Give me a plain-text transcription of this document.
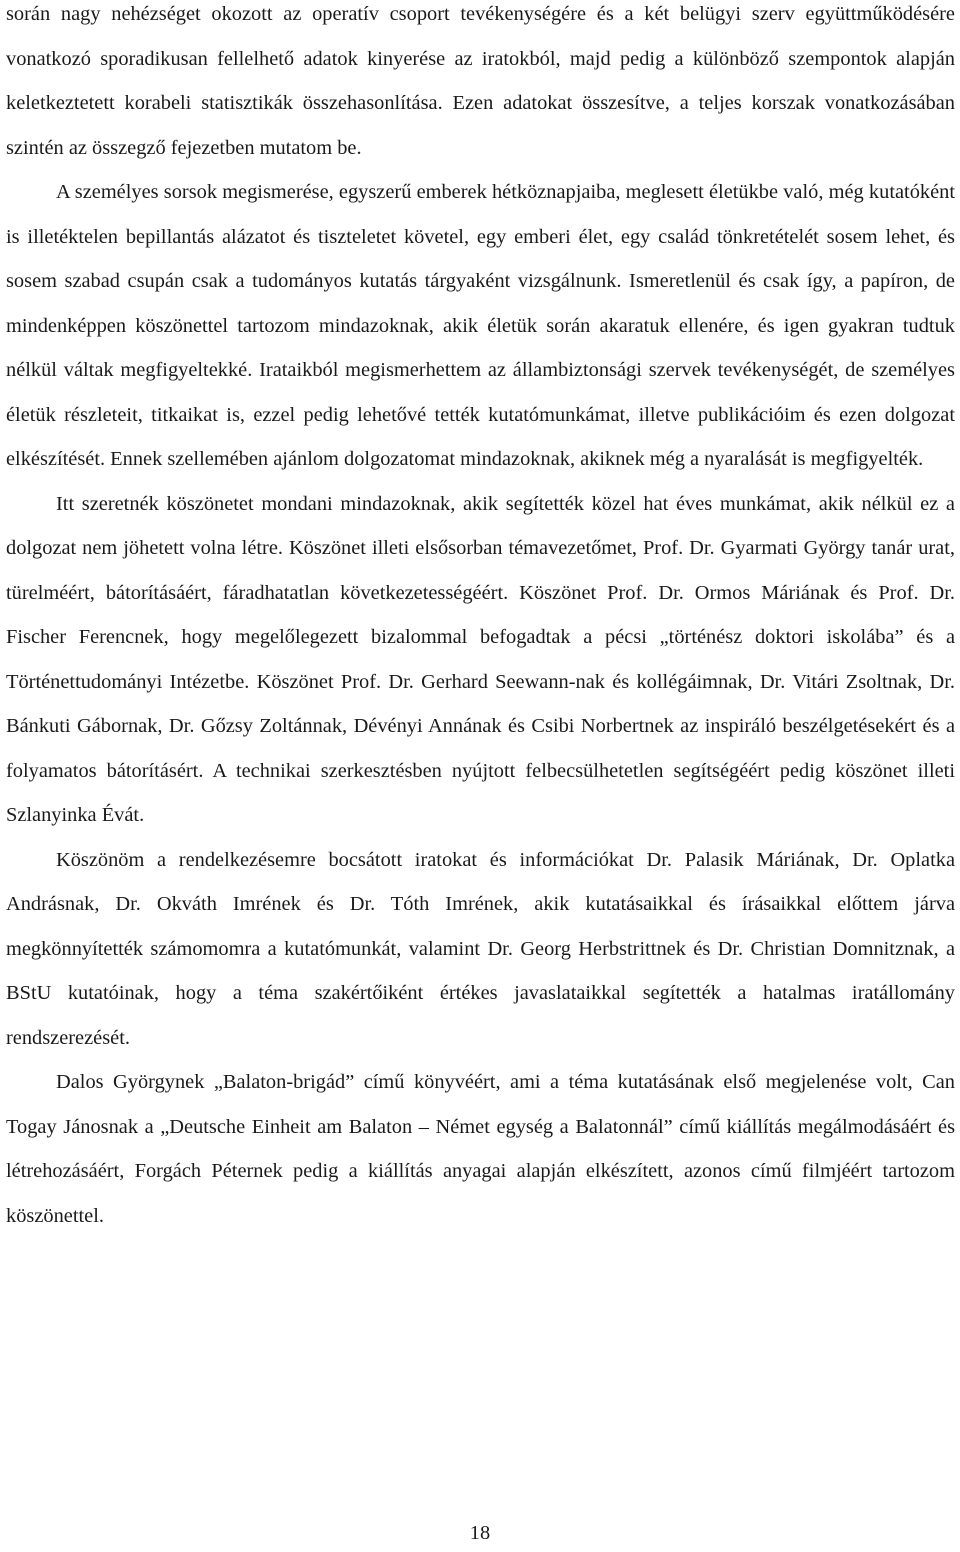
során nagy nehézséget okozott az operatív csoport tevékenységére és a két belügyi szerv együttműködésére vonatkozó sporadikusan fellelhető adatok kinyerése az iratokból, majd pedig a különböző szempontok alapján keletkeztetett korabeli statisztikák összehasonlítása. Ezen adatokat összesítve, a teljes korszak vonatkozásában szintén az összegző fejezetben mutatom be.

A személyes sorsok megismerése, egyszerű emberek hétköznapjaiba, meglesett életükbe való, még kutatóként is illetéktelen bepillantás alázatot és tiszteletet követel, egy emberi élet, egy család tönkretételét sosem lehet, és sosem szabad csupán csak a tudományos kutatás tárgyaként vizsgálnunk. Ismeretlenül és csak így, a papíron, de mindenképpen köszönettel tartozom mindazoknak, akik életük során akaratuk ellenére, és igen gyakran tudtuk nélkül váltak megfigyeltekké. Irataikból megismerhettem az állambiztonsági szervek tevékenységét, de személyes életük részleteit, titkaikat is, ezzel pedig lehetővé tették kutatómunkámat, illetve publikációim és ezen dolgozat elkészítését. Ennek szellemében ajánlom dolgozatomat mindazoknak, akiknek még a nyaralását is megfigyelték.

Itt szeretnék köszönetet mondani mindazoknak, akik segítették közel hat éves munkámat, akik nélkül ez a dolgozat nem jöhetett volna létre. Köszönet illeti elsősorban témavezetőmet, Prof. Dr. Gyarmati György tanár urat, türelméért, bátorításáért, fáradhatatlan következetességéért. Köszönet Prof. Dr. Ormos Máriának és Prof. Dr. Fischer Ferencnek, hogy megelőlegezett bizalommal befogadtak a pécsi „történész doktori iskolába” és a Történettudományi Intézetbe. Köszönet Prof. Dr. Gerhard Seewann-nak és kollégáimnak, Dr. Vitári Zsoltnak, Dr. Bánkuti Gábornak, Dr. Gőzsy Zoltánnak, Dévényi Annának és Csibi Norbertnek az inspiráló beszélgetésekért és a folyamatos bátorításért. A technikai szerkesztésben nyújtott felbecsülhetetlen segítségéért pedig köszönet illeti Szlanyinka Évát.

Köszönöm a rendelkezésemre bocsátott iratokat és információkat Dr. Palasik Máriának, Dr. Oplatka Andrásnak, Dr. Okváth Imrének és Dr. Tóth Imrének, akik kutatásaikkal és írásaikkal előttem járva megkönnyítették számomomra a kutatómunkát, valamint Dr. Georg Herbstrittnek és Dr. Christian Domnitznak, a BStU kutatóinak, hogy a téma szakértőiként értékes javaslataikkal segítették a hatalmas iratállomány rendszerezését.

Dalos Györgynek „Balaton-brigád” című könyvéért, ami a téma kutatásának első megjelenése volt, Can Togay Jánosnak a „Deutsche Einheit am Balaton – Német egység a Balatonnál” című kiállítás megálmodásáért és létrehozásáért, Forgách Péternek pedig a kiállítás anyagai alapján elkészített, azonos című filmjéért tartozom köszönettel.

18
